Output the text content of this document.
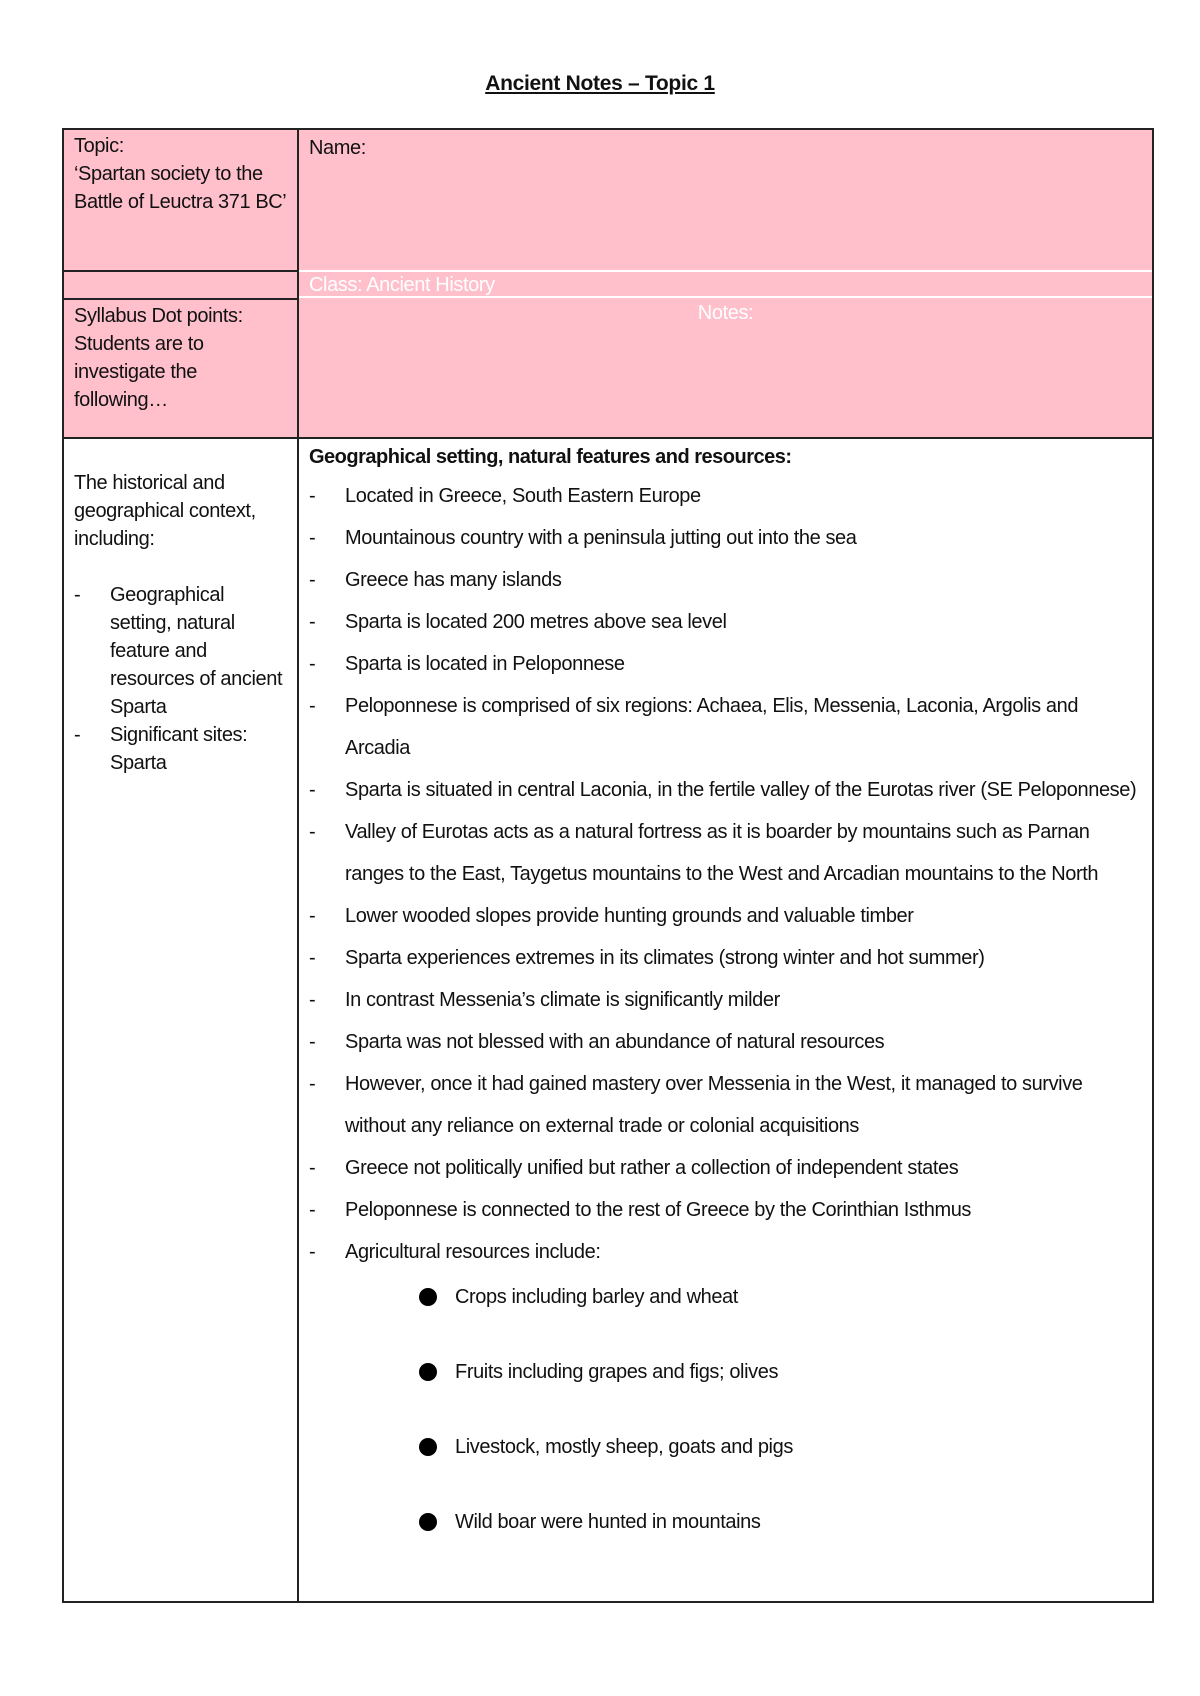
Ancient Notes – Topic 1
Name:
Class: Ancient History
Notes:
Topic:
‘Spartan society to the Battle of Leuctra 371 BC’
Syllabus Dot points: Students are to investigate the following…
The historical and geographical context, including:
- Geographical setting, natural feature and resources of ancient Sparta
- Significant sites: Sparta
Geographical setting, natural features and resources:
- Located in Greece, South Eastern Europe
- Mountainous country with a peninsula jutting out into the sea
- Greece has many islands
- Sparta is located 200 metres above sea level
- Sparta is located in Peloponnese
- Peloponnese is comprised of six regions: Achaea, Elis, Messenia, Laconia, Argolis and Arcadia
- Sparta is situated in central Laconia, in the fertile valley of the Eurotas river (SE Peloponnese)
- Valley of Eurotas acts as a natural fortress as it is boarder by mountains such as Parnan ranges to the East, Taygetus mountains to the West and Arcadian mountains to the North
- Lower wooded slopes provide hunting grounds and valuable timber
- Sparta experiences extremes in its climates (strong winter and hot summer)
- In contrast Messenia’s climate is significantly milder
- Sparta was not blessed with an abundance of natural resources
- However, once it had gained mastery over Messenia in the West, it managed to survive without any reliance on external trade or colonial acquisitions
- Greece not politically unified but rather a collection of independent states
- Peloponnese is connected to the rest of Greece by the Corinthian Isthmus
- Agricultural resources include:
Crops including barley and wheat
Fruits including grapes and figs; olives
Livestock, mostly sheep, goats and pigs
Wild boar were hunted in mountains
